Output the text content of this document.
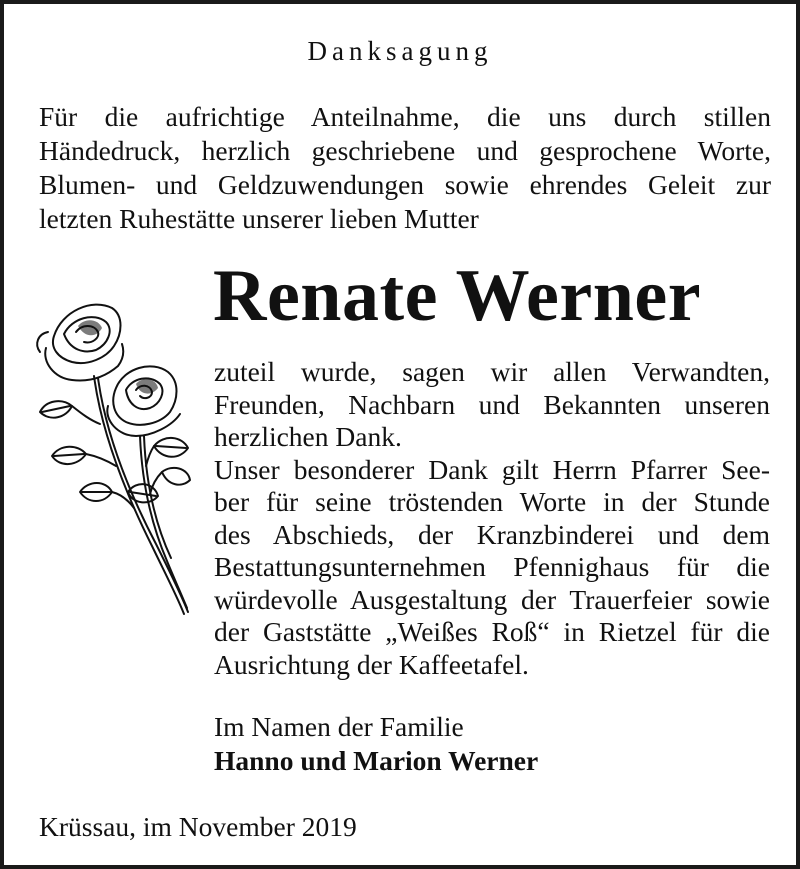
Danksagung
Für die aufrichtige Anteilnahme, die uns durch stillen
Händedruck, herzlich geschriebene und gesprochene Worte,
Blumen- und Geldzuwendungen sowie ehrendes Geleit zur
letzten Ruhestätte unserer lieben Mutter
Renate Werner
zuteil wurde, sagen wir allen Verwandten,
Freunden, Nachbarn und Bekannten unseren
herzlichen Dank.
Unser besonderer Dank gilt Herrn Pfarrer See-
ber für seine tröstenden Worte in der Stunde
des Abschieds, der Kranzbinderei und dem
Bestattungsunternehmen Pfennighaus für die
würdevolle Ausgestaltung der Trauerfeier sowie
der Gaststätte „Weißes Roß“ in Rietzel für die
Ausrichtung der Kaffeetafel.
Im Namen der Familie
Hanno und Marion Werner
Krüssau, im November 2019
